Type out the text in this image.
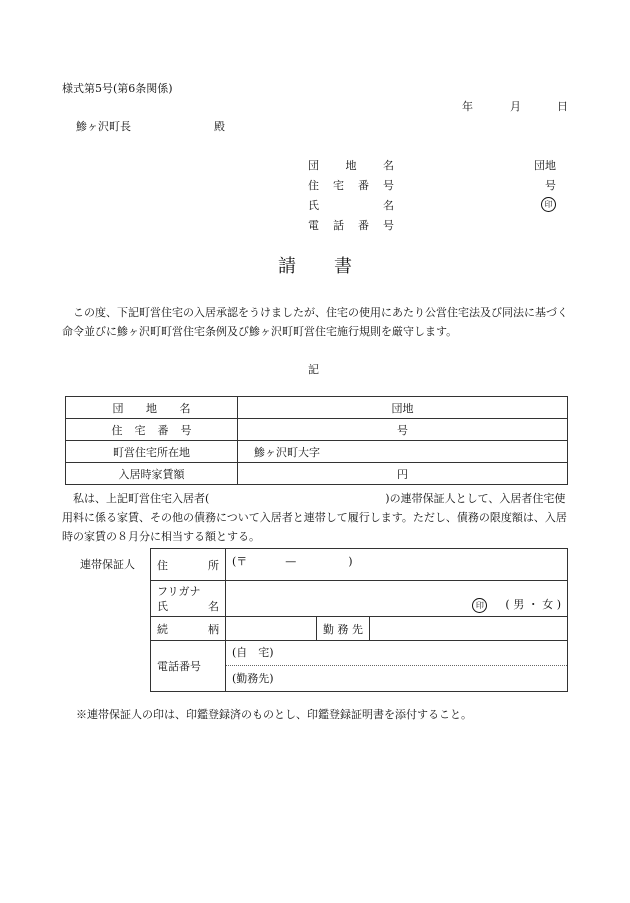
様式第5号(第6条関係)
年	月	日
鯵ヶ沢町長	殿
団 地 名	団地
住 宅 番 号	号
氏	名	印
電 話 番 号
請 書
この度、下記町営住宅の入居承認をうけましたが、住宅の使用にあたり公営住宅法及び同法に基づく命令並びに鯵ヶ沢町町営住宅条例及び鯵ヶ沢町町営住宅施行規則を厳守します。
記
団 地 名	団地

住 宅 番 号	号

町営住宅所在地	鯵ヶ沢町大字

入居時家賃額	円
私は、上記町営住宅入居者(	)の連帯保証人として、入居者住宅使用料に係る家賃、その他の債務について入居者と連帯して履行します。ただし、債務の限度額は、入居時の家賃の８月分に相当する額とする。
連帯保証人 住 所	(〒 — )		

フリガナ
氏 名	印 ( 男 ・ 女 )		

続 柄		勤 務 先	
電話番号	(自　宅)
(勤務先)		
※連帯保証人の印は、印鑑登録済のものとし、印鑑登録証明書を添付すること。
